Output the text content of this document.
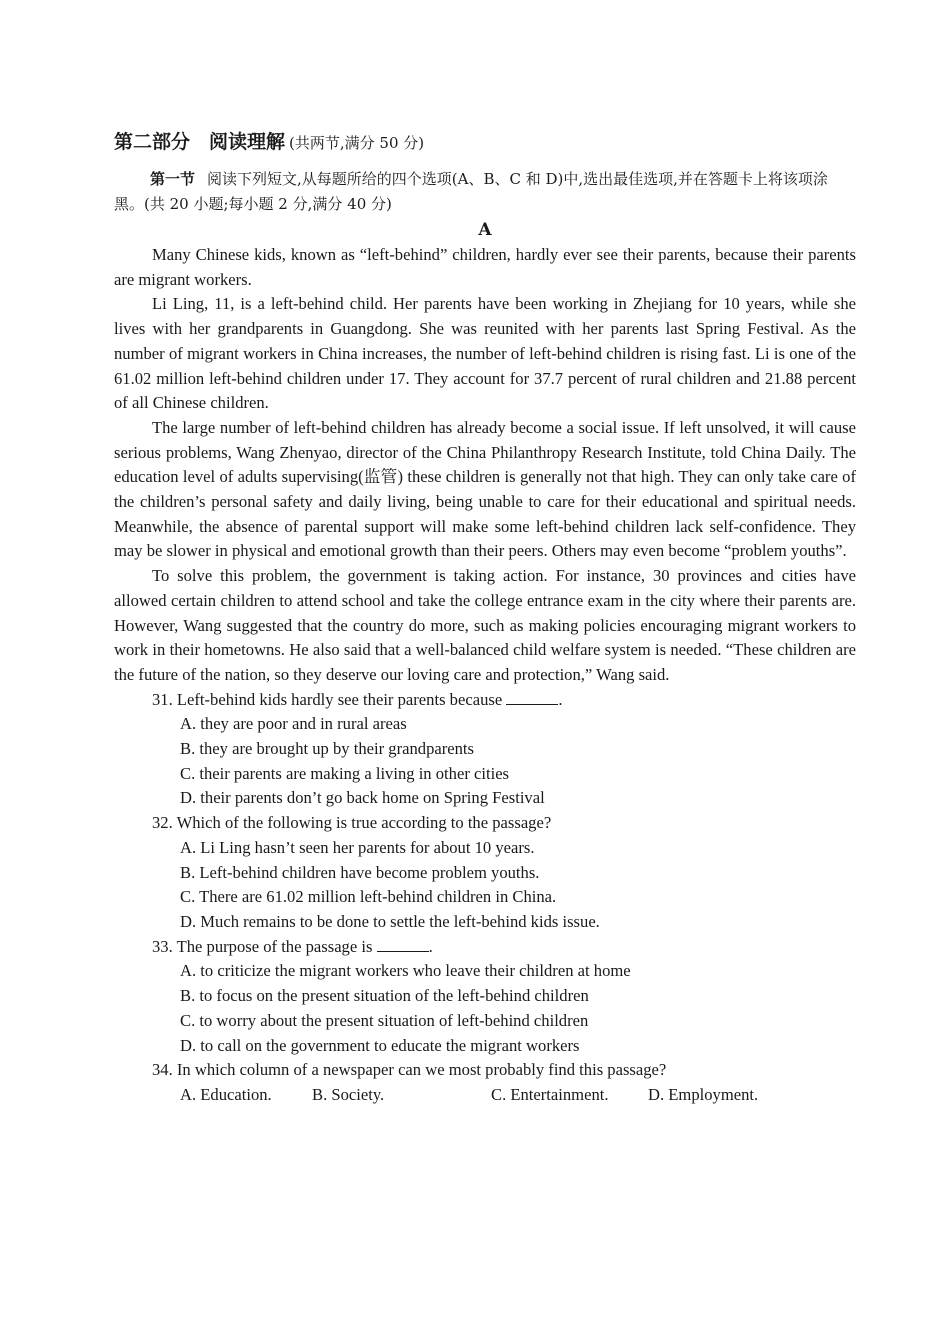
第二部分　阅读理解 (共两节,满分 50 分)

第一节 阅读下列短文,从每题所给的四个选项(A、B、C 和 D)中,选出最佳选项,并在答题卡上将该项涂黑。(共 20 小题;每小题 2 分,满分 40 分)

A

Many Chinese kids, known as “left-behind” children, hardly ever see their parents, because their parents are migrant workers.

Li Ling, 11, is a left-behind child. Her parents have been working in Zhejiang for 10 years, while she lives with her grandparents in Guangdong. She was reunited with her parents last Spring Festival. As the number of migrant workers in China increases, the number of left-behind children is rising fast. Li is one of the 61.02 million left-behind children under 17. They account for 37.7 percent of rural children and 21.88 percent of all Chinese children.

The large number of left-behind children has already become a social issue. If left unsolved, it will cause serious problems, Wang Zhenyao, director of the China Philanthropy Research Institute, told China Daily. The education level of adults supervising(监管) these children is generally not that high. They can only take care of the children’s personal safety and daily living, being unable to care for their educational and spiritual needs. Meanwhile, the absence of parental support will make some left-behind children lack self-confidence. They may be slower in physical and emotional growth than their peers. Others may even become “problem youths”.

To solve this problem, the government is taking action. For instance, 30 provinces and cities have allowed certain children to attend school and take the college entrance exam in the city where their parents are. However, Wang suggested that the country do more, such as making policies encouraging migrant workers to work in their hometowns. He also said that a well-balanced child welfare system is needed. “These children are the future of the nation, so they deserve our loving care and protection,” Wang said.

31. Left-behind kids hardly see their parents because	.

A. they are poor and in rural areas

B. they are brought up by their grandparents

C. their parents are making a living in other cities

D. their parents don’t go back home on Spring Festival

32. Which of the following is true according to the passage?

A. Li Ling hasn’t seen her parents for about 10 years.

B. Left-behind children have become problem youths.

C. There are 61.02 million left-behind children in China.

D. Much remains to be done to settle the left-behind kids issue.

33. The purpose of the passage is	.

A. to criticize the migrant workers who leave their children at home

B. to focus on the present situation of the left-behind children

C. to worry about the present situation of left-behind children

D. to call on the government to educate the migrant workers

34. In which column of a newspaper can we most probably find this passage?

A. Education.	B. Society.	C. Entertainment.	D. Employment.
